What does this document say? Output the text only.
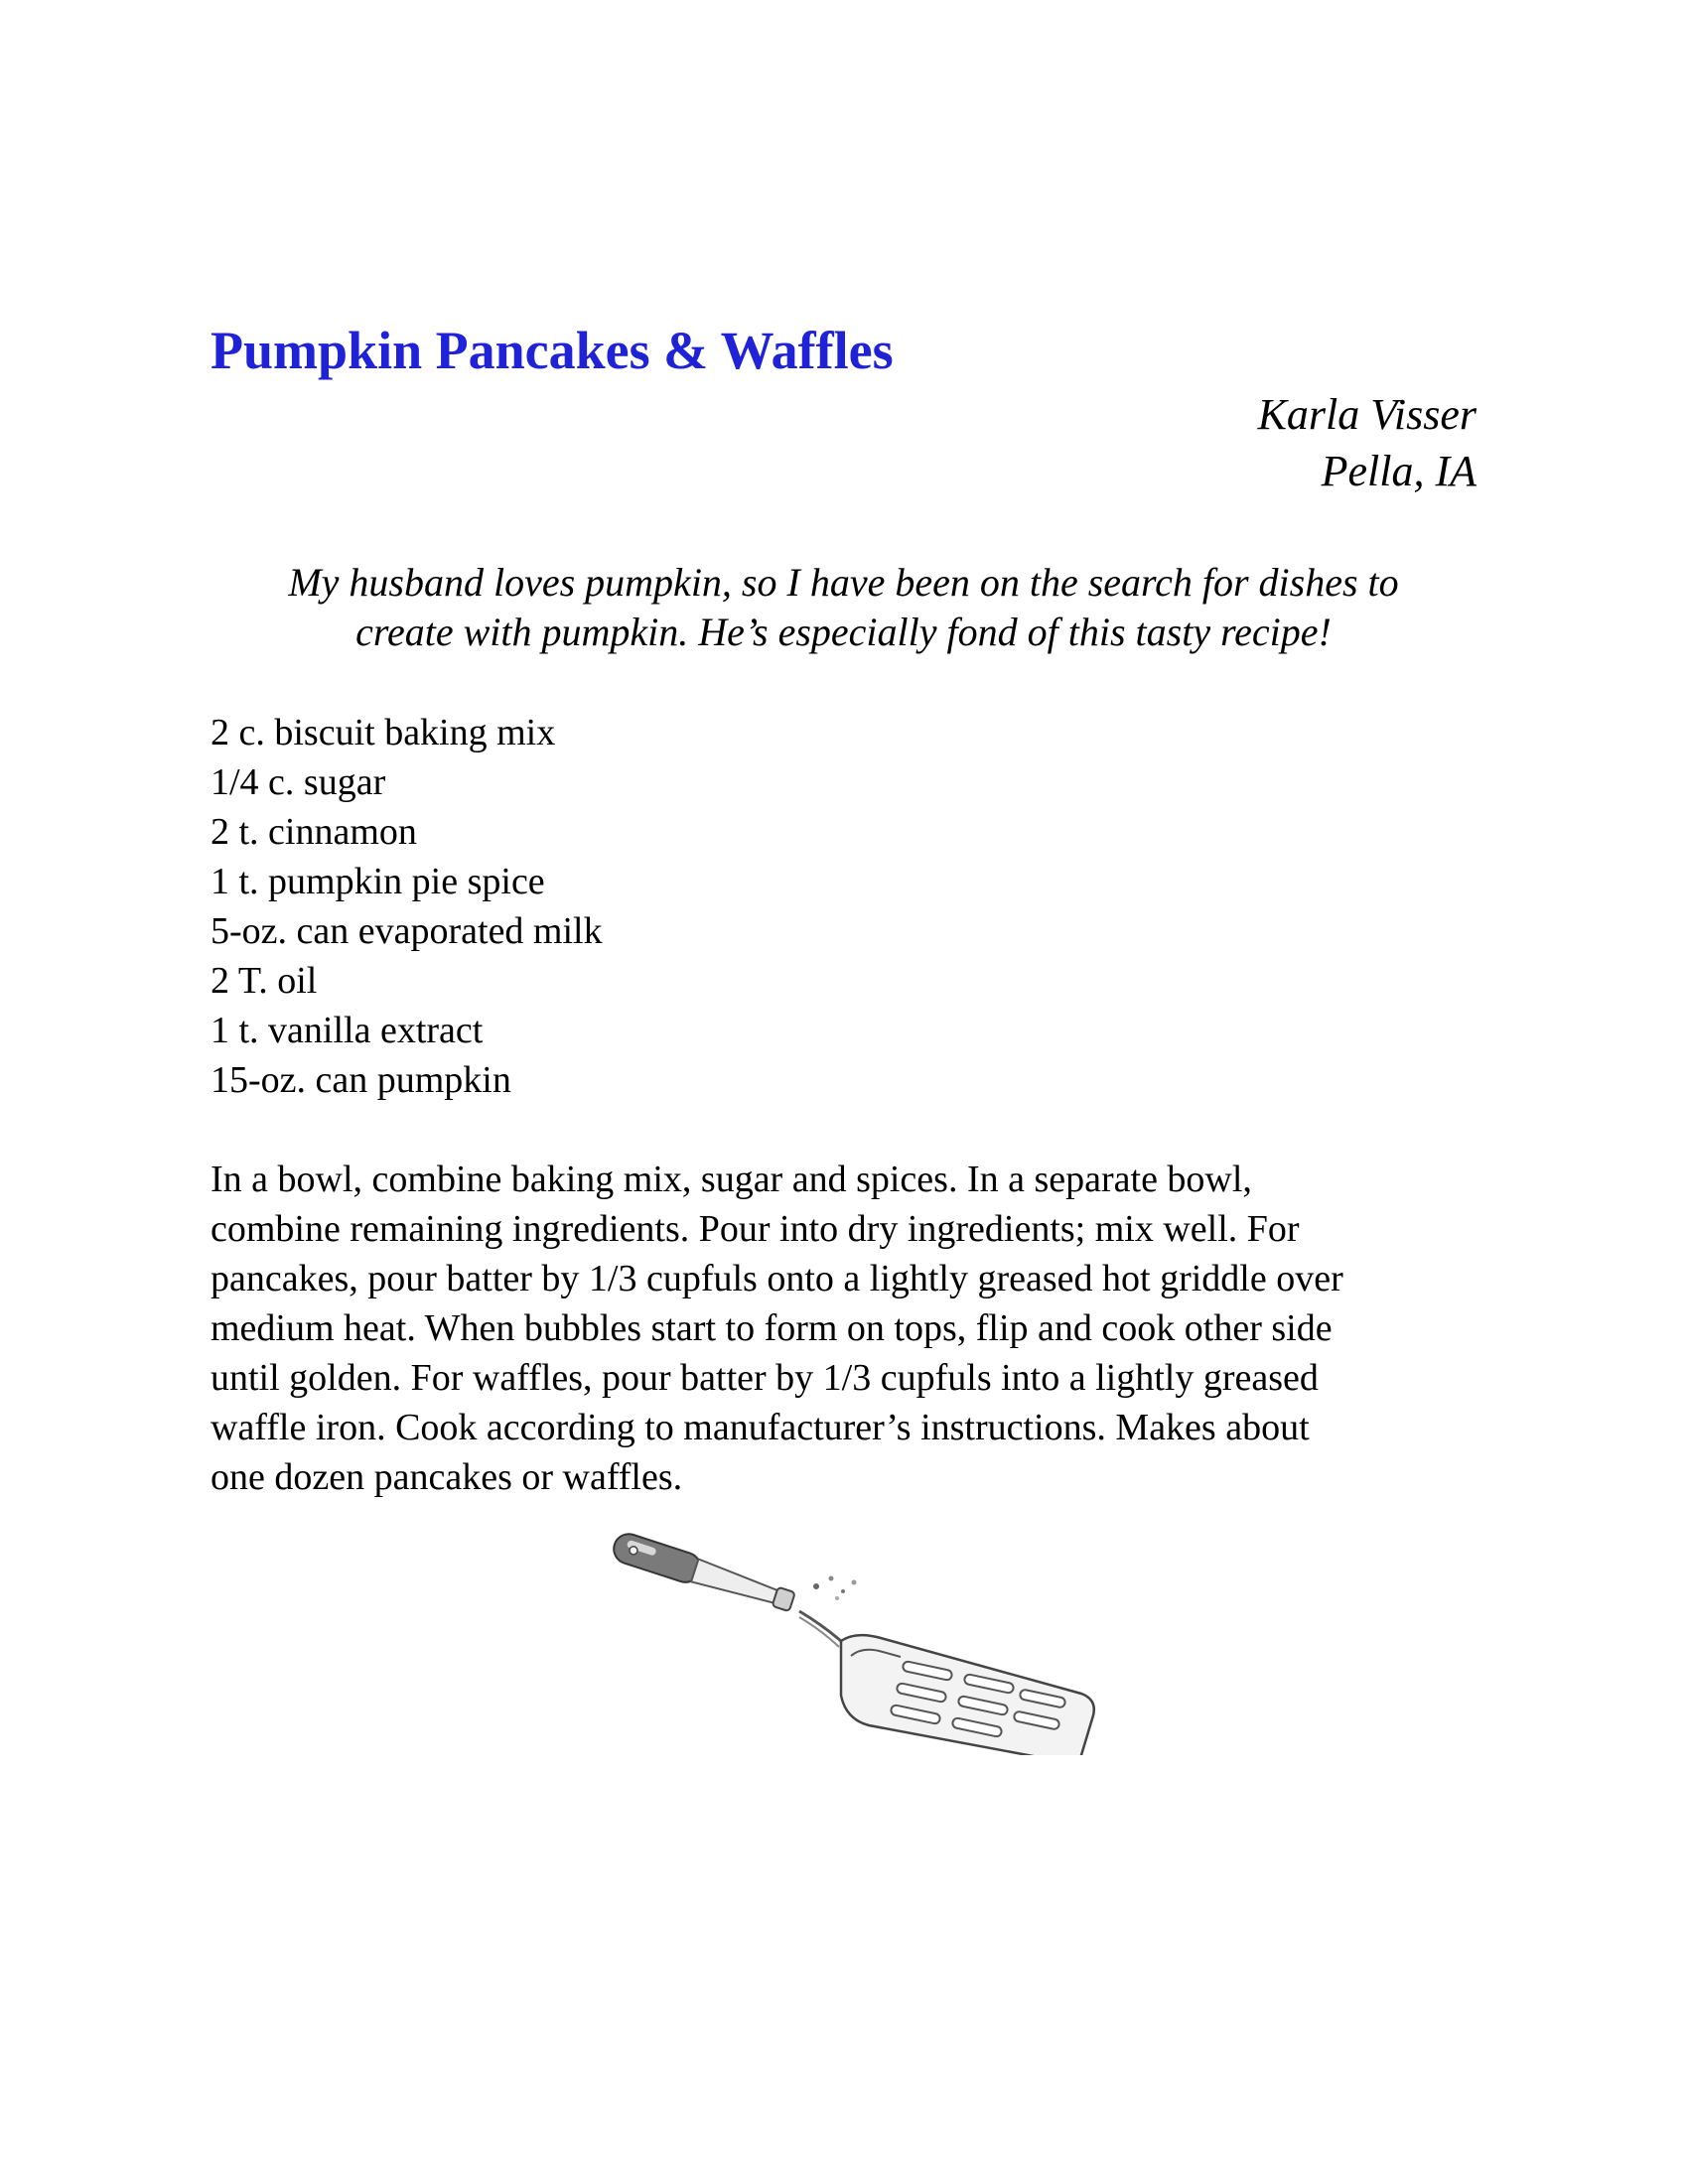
Pumpkin Pancakes & Waffles
Karla Visser
Pella, IA
My husband loves pumpkin, so I have been on the search for dishes to
create with pumpkin. He’s especially fond of this tasty recipe!
2 c. biscuit baking mix
1/4 c. sugar
2 t. cinnamon
1 t. pumpkin pie spice
5-oz. can evaporated milk
2 T. oil
1 t. vanilla extract
15-oz. can pumpkin
In a bowl, combine baking mix, sugar and spices. In a separate bowl,
combine remaining ingredients. Pour into dry ingredients; mix well. For
pancakes, pour batter by 1/3 cupfuls onto a lightly greased hot griddle over
medium heat. When bubbles start to form on tops, flip and cook other side
until golden. For waffles, pour batter by 1/3 cupfuls into a lightly greased
waffle iron. Cook according to manufacturer’s instructions. Makes about
one dozen pancakes or waffles.
